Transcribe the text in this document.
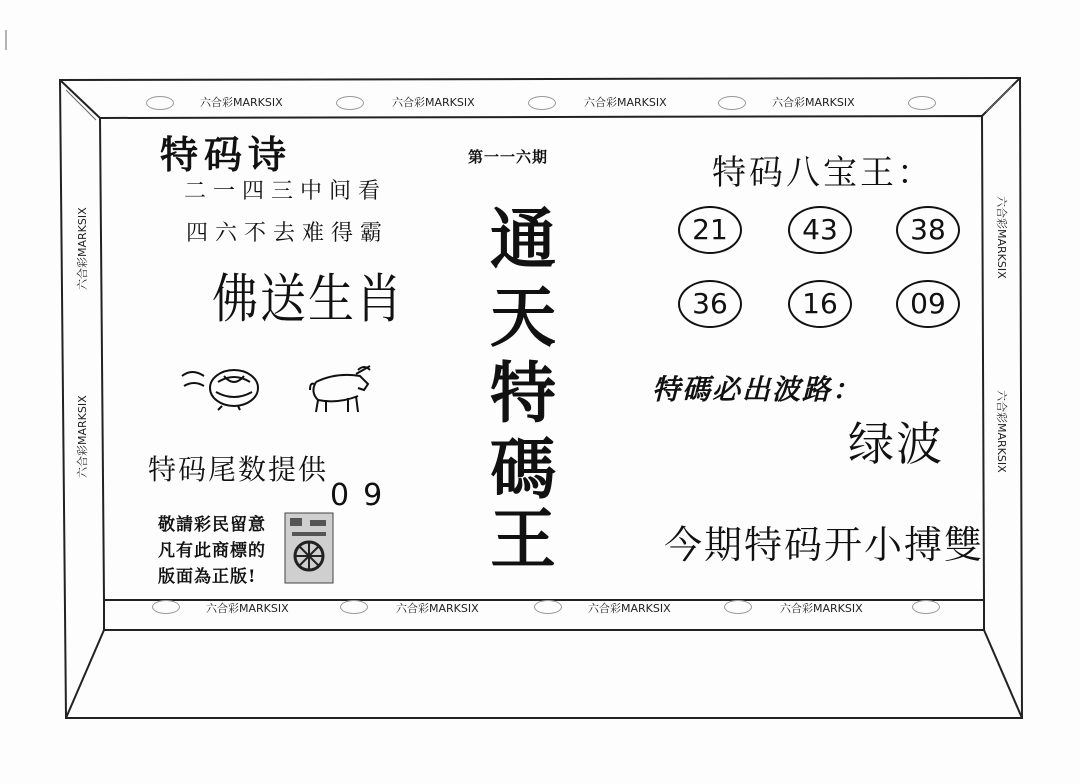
六合彩MARKSIX	六合彩MARKSIX	六合彩MARKSIX	六合彩MARKSIX
六合彩MARKSIX	六合彩MARKSIX	六合彩MARKSIX	六合彩MARKSIX
六合彩MARKSIX
六合彩MARKSIX
六合彩MARKSIX
六合彩MARKSIX
特码诗
二一四三中间看
四六不去难得霸
佛送生肖
特码尾数提供
09
敬請彩民留意
凡有此商標的
版面為正版!
第一一六期
通
天
特
碼
王
特码八宝王：
21	43	38
36	16	09
特碼必出波路：
绿波
今期特码开小搏雙
